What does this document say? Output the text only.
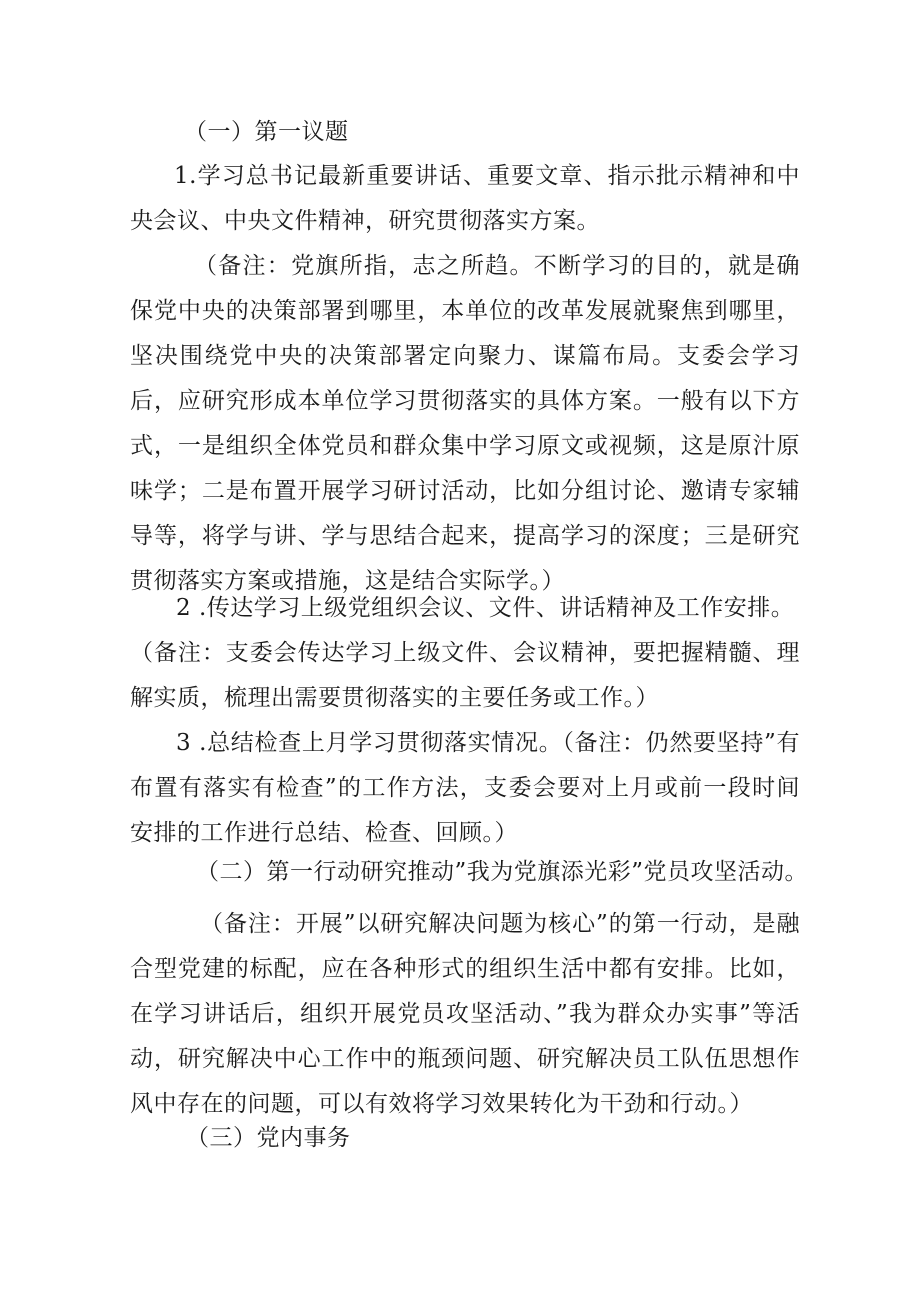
（一）第一议题

1.学习总书记最新重要讲话、重要文章、指示批示精神和中央会议、中央文件精神，研究贯彻落实方案。

（备注：党旗所指，志之所趋。不断学习的目的，就是确保党中央的决策部署到哪里，本单位的改革发展就聚焦到哪里，坚决围绕党中央的决策部署定向聚力、谋篇布局。支委会学习后，应研究形成本单位学习贯彻落实的具体方案。一般有以下方式，一是组织全体党员和群众集中学习原文或视频，这是原汁原味学；二是布置开展学习研讨活动，比如分组讨论、邀请专家辅导等，将学与讲、学与思结合起来，提高学习的深度；三是研究贯彻落实方案或措施，这是结合实际学。）

2 .传达学习上级党组织会议、文件、讲话精神及工作安排。

（备注：支委会传达学习上级文件、会议精神，要把握精髓、理解实质，梳理出需要贯彻落实的主要任务或工作。）

3 .总结检查上月学习贯彻落实情况。（备注：仍然要坚持”有布置有落实有检查”的工作方法，支委会要对上月或前一段时间安排的工作进行总结、检查、回顾。）

（二）第一行动研究推动”我为党旗添光彩”党员攻坚活动。

（备注：开展”以研究解决问题为核心”的第一行动，是融合型党建的标配，应在各种形式的组织生活中都有安排。比如，在学习讲话后，组织开展党员攻坚活动、”我为群众办实事”等活动，研究解决中心工作中的瓶颈问题、研究解决员工队伍思想作风中存在的问题，可以有效将学习效果转化为干劲和行动。）

（三）党内事务
